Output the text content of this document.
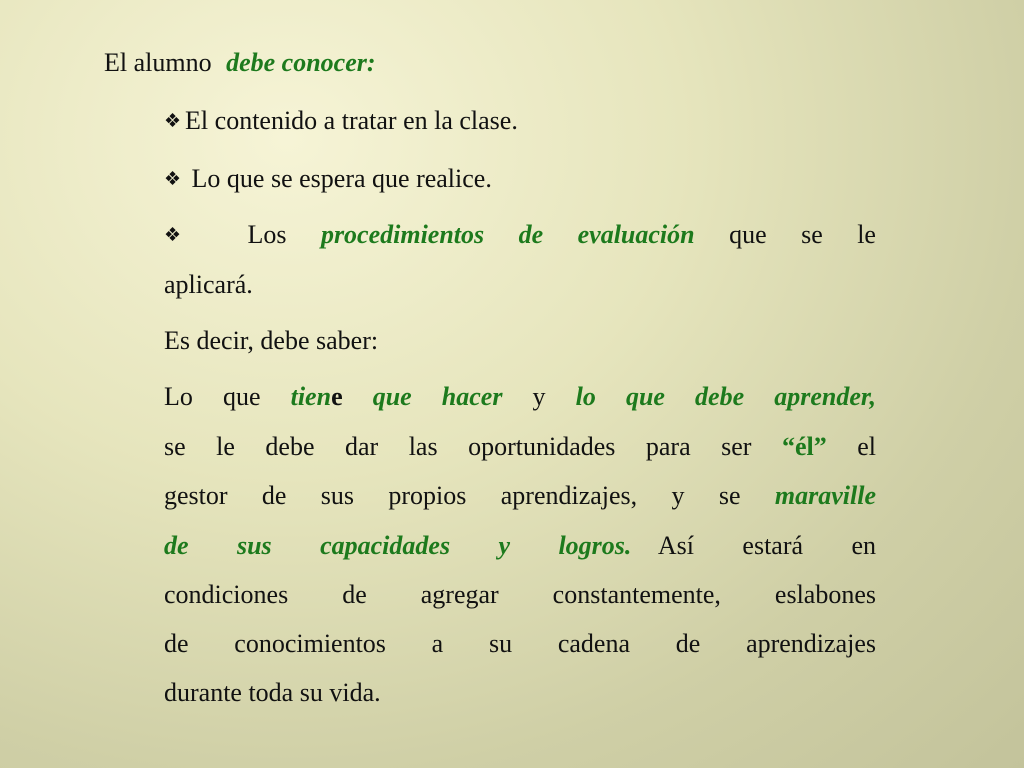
El alumno debe conocer:
❖ El contenido a tratar en la clase.
❖ Lo que se espera que realice.
❖ Los procedimientos de evaluación que se le
aplicará.
Es decir, debe saber:
Lo que tiene que hacer y lo que debe aprender,
se le debe dar las oportunidades para ser “él” el
gestor de sus propios aprendizajes, y se maraville
de sus capacidades y logros. Así estará en
condiciones de agregar constantemente, eslabones
de conocimientos a su cadena de aprendizajes
durante toda su vida.
